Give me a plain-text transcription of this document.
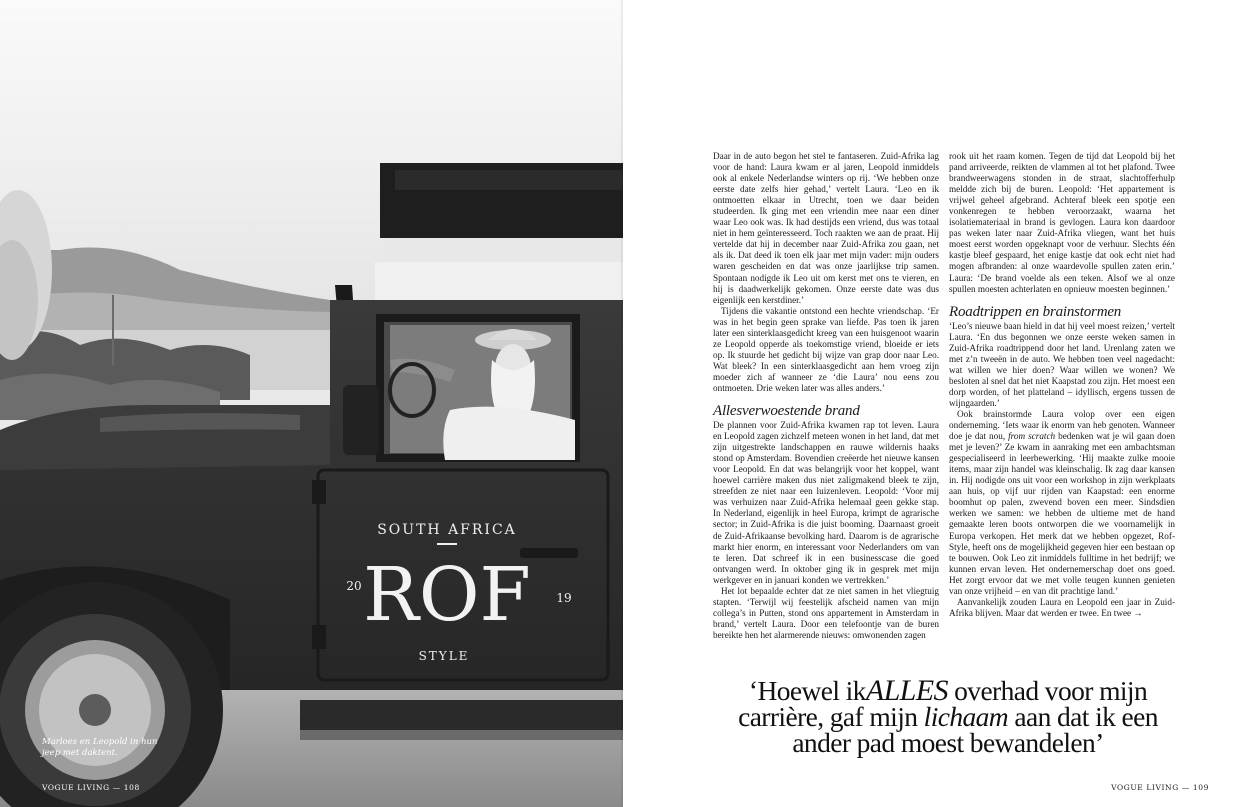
SOUTH AFRICA
ROF
20
19
STYLE
Marloes en Leopold in hun jeep met daktent.
VOGUE LIVING — 108

Daar in de auto begon het stel te fantaseren. Zuid-Afrika lag voor de hand: Laura kwam er al jaren, Leopold inmiddels ook al enkele Nederlandse winters op rij. ‘We hebben onze eerste date zelfs hier gehad,’ vertelt Laura. ‘Leo en ik ontmoetten elkaar in Utrecht, toen we daar beiden studeerden. Ik ging met een vriendin mee naar een diner waar Leo ook was. Ik had destijds een vriend, dus was totaal niet in hem geïnteresseerd. Toch raakten we aan de praat. Hij vertelde dat hij in december naar Zuid-Afrika zou gaan, net als ik. Dat deed ik toen elk jaar met mijn vader: mijn ouders waren gescheiden en dat was onze jaarlijkse trip samen. Spontaan nodigde ik Leo uit om kerst met ons te vieren, en hij is daadwerkelijk gekomen. Onze eerste date was dus eigenlijk een kerstdiner.’

Tijdens die vakantie ontstond een hechte vriendschap. ‘Er was in het begin geen sprake van liefde. Pas toen ik jaren later een sinterklaasgedicht kreeg van een huisgenoot waarin ze Leopold opperde als toekomstige vriend, bloeide er iets op. Ik stuurde het gedicht bij wijze van grap door naar Leo. Wat bleek? In een sinterklaasgedicht aan hem vroeg zijn moeder zich af wanneer ze ‘die Laura’ nou eens zou ontmoeten. Drie weken later was alles anders.’

Allesverwoestende brand

De plannen voor Zuid-Afrika kwamen rap tot leven. Laura en Leopold zagen zichzelf meteen wonen in het land, dat met zijn uitgestrekte landschappen en rauwe wildernis haaks stond op Amsterdam. Bovendien creëerde het nieuwe kansen voor Leopold. En dat was belangrijk voor het koppel, want hoewel carrière maken dus niet zaligmakend bleek te zijn, streefden ze niet naar een luizenleven. Leopold: ‘Voor mij was verhuizen naar Zuid-Afrika helemaal geen gekke stap. In Nederland, eigenlijk in heel Europa, krimpt de agrarische sector; in Zuid-Afrika is die juist booming. Daarnaast groeit de Zuid-Afrikaanse bevolking hard. Daarom is de agrarische markt hier enorm, en interessant voor Nederlanders om van te leren. Dat schreef ik in een businesscase die goed ontvangen werd. In oktober ging ik in gesprek met mijn werkgever en in januari konden we vertrekken.’

Het lot bepaalde echter dat ze niet samen in het vliegtuig stapten. ‘Terwijl wij feestelijk afscheid namen van mijn collega’s in Putten, stond ons appartement in Amsterdam in brand,’ vertelt Laura. Door een telefoontje van de buren bereikte hen het alarmerende nieuws: omwonenden zagen

rook uit het raam komen. Tegen de tijd dat Leopold bij het pand arriveerde, reikten de vlammen al tot het plafond. Twee brandweerwagens stonden in de straat, slachtofferhulp meldde zich bij de buren. Leopold: ‘Het appartement is vrijwel geheel afgebrand. Achteraf bleek een spotje een vonkenregen te hebben veroorzaakt, waarna het isolatiemateriaal in brand is gevlogen. Laura kon daardoor pas weken later naar Zuid-Afrika vliegen, want het huis moest eerst worden opgeknapt voor de verhuur. Slechts één kastje bleef gespaard, het enige kastje dat ook echt niet had mogen afbranden: al onze waardevolle spullen zaten erin.’ Laura: ‘De brand voelde als een teken. Alsof we al onze spullen moesten achterlaten en opnieuw moesten beginnen.’

Roadtrippen en brainstormen

‘Leo’s nieuwe baan hield in dat hij veel moest reizen,’ vertelt Laura. ‘En dus begonnen we onze eerste weken samen in Zuid-Afrika roadtrippend door het land. Urenlang zaten we met z’n tweeën in de auto. We hebben toen veel nagedacht: wat willen we hier doen? Waar willen we wonen? We besloten al snel dat het niet Kaapstad zou zijn. Het moest een dorp worden, of het platteland – idyllisch, ergens tussen de wijngaarden.’

Ook brainstormde Laura volop over een eigen onderneming. ‘Iets waar ik enorm van heb genoten. Wanneer doe je dat nou, from scratch bedenken wat je wil gaan doen met je leven?’ Ze kwam in aanraking met een ambachtsman gespecialiseerd in leerbewerking. ‘Hij maakte zulke mooie items, maar zijn handel was kleinschalig. Ik zag daar kansen in. Hij nodigde ons uit voor een workshop in zijn werkplaats aan huis, op vijf uur rijden van Kaapstad: een enorme boomhut op palen, zwevend boven een meer. Sindsdien werken we samen: we hebben de ultieme met de hand gemaakte leren boots ontworpen die we voornamelijk in Europa verkopen. Het merk dat we hebben opgezet, Rof-Style, heeft ons de mogelijkheid gegeven hier een bestaan op te bouwen. Ook Leo zit inmiddels fulltime in het bedrijf; we kunnen ervan leven. Het ondernemerschap doet ons goed. Het zorgt ervoor dat we met volle teugen kunnen genieten van onze vrijheid – en van dit prachtige land.’

Aanvankelijk zouden Laura en Leopold een jaar in Zuid-Afrika blijven. Maar dat werden er twee. En twee →

‘Hoewel ikALLES overhad voor mijn carrière, gaf mijn lichaam aan dat ik een ander pad moest bewandelen’
VOGUE LIVING — 109
